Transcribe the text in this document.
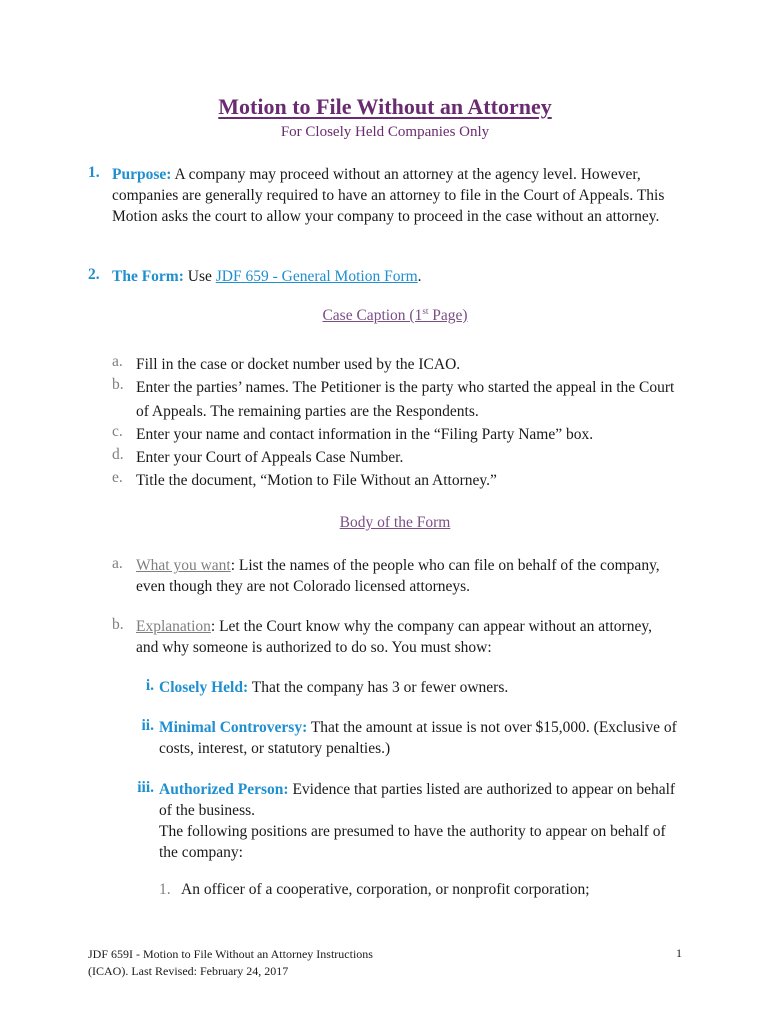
Motion to File Without an Attorney
For Closely Held Companies Only
1. Purpose: A company may proceed without an attorney at the agency level. However, companies are generally required to have an attorney to file in the Court of Appeals. This Motion asks the court to allow your company to proceed in the case without an attorney.
2. The Form: Use JDF 659 - General Motion Form.
Case Caption (1st Page)
a. Fill in the case or docket number used by the ICAO.
b. Enter the parties’ names. The Petitioner is the party who started the appeal in the Court of Appeals. The remaining parties are the Respondents.
c. Enter your name and contact information in the “Filing Party Name” box.
d. Enter your Court of Appeals Case Number.
e. Title the document, “Motion to File Without an Attorney.”
Body of the Form
a. What you want: List the names of the people who can file on behalf of the company, even though they are not Colorado licensed attorneys.
b. Explanation: Let the Court know why the company can appear without an attorney, and why someone is authorized to do so. You must show:
i. Closely Held: That the company has 3 or fewer owners.
ii. Minimal Controversy: That the amount at issue is not over $15,000. (Exclusive of costs, interest, or statutory penalties.)
iii. Authorized Person: Evidence that parties listed are authorized to appear on behalf of the business.
The following positions are presumed to have the authority to appear on behalf of the company:
1. An officer of a cooperative, corporation, or nonprofit corporation;
JDF 659I - Motion to File Without an Attorney Instructions
(ICAO). Last Revised: February 24, 2017
1
